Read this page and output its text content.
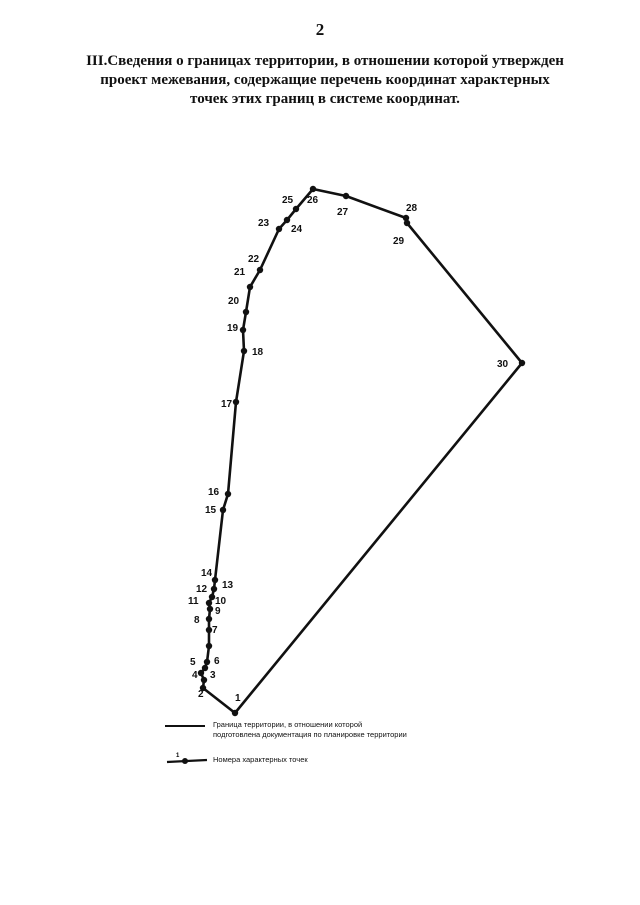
2
III.Сведения о границах территории, в отношении которой утвержден
проект межевания, содержащие перечень координат характерных
точек этих границ в системе координат.
1
2
3
4
5 6
7
8
9
10
11
12 13
14
15
16
17
18
19
20
21
22
23
24
25 26
27	28
29
30
Граница территории, в отношении которой
подготовлена документация по планировке территории
1	Номера характерных точек
